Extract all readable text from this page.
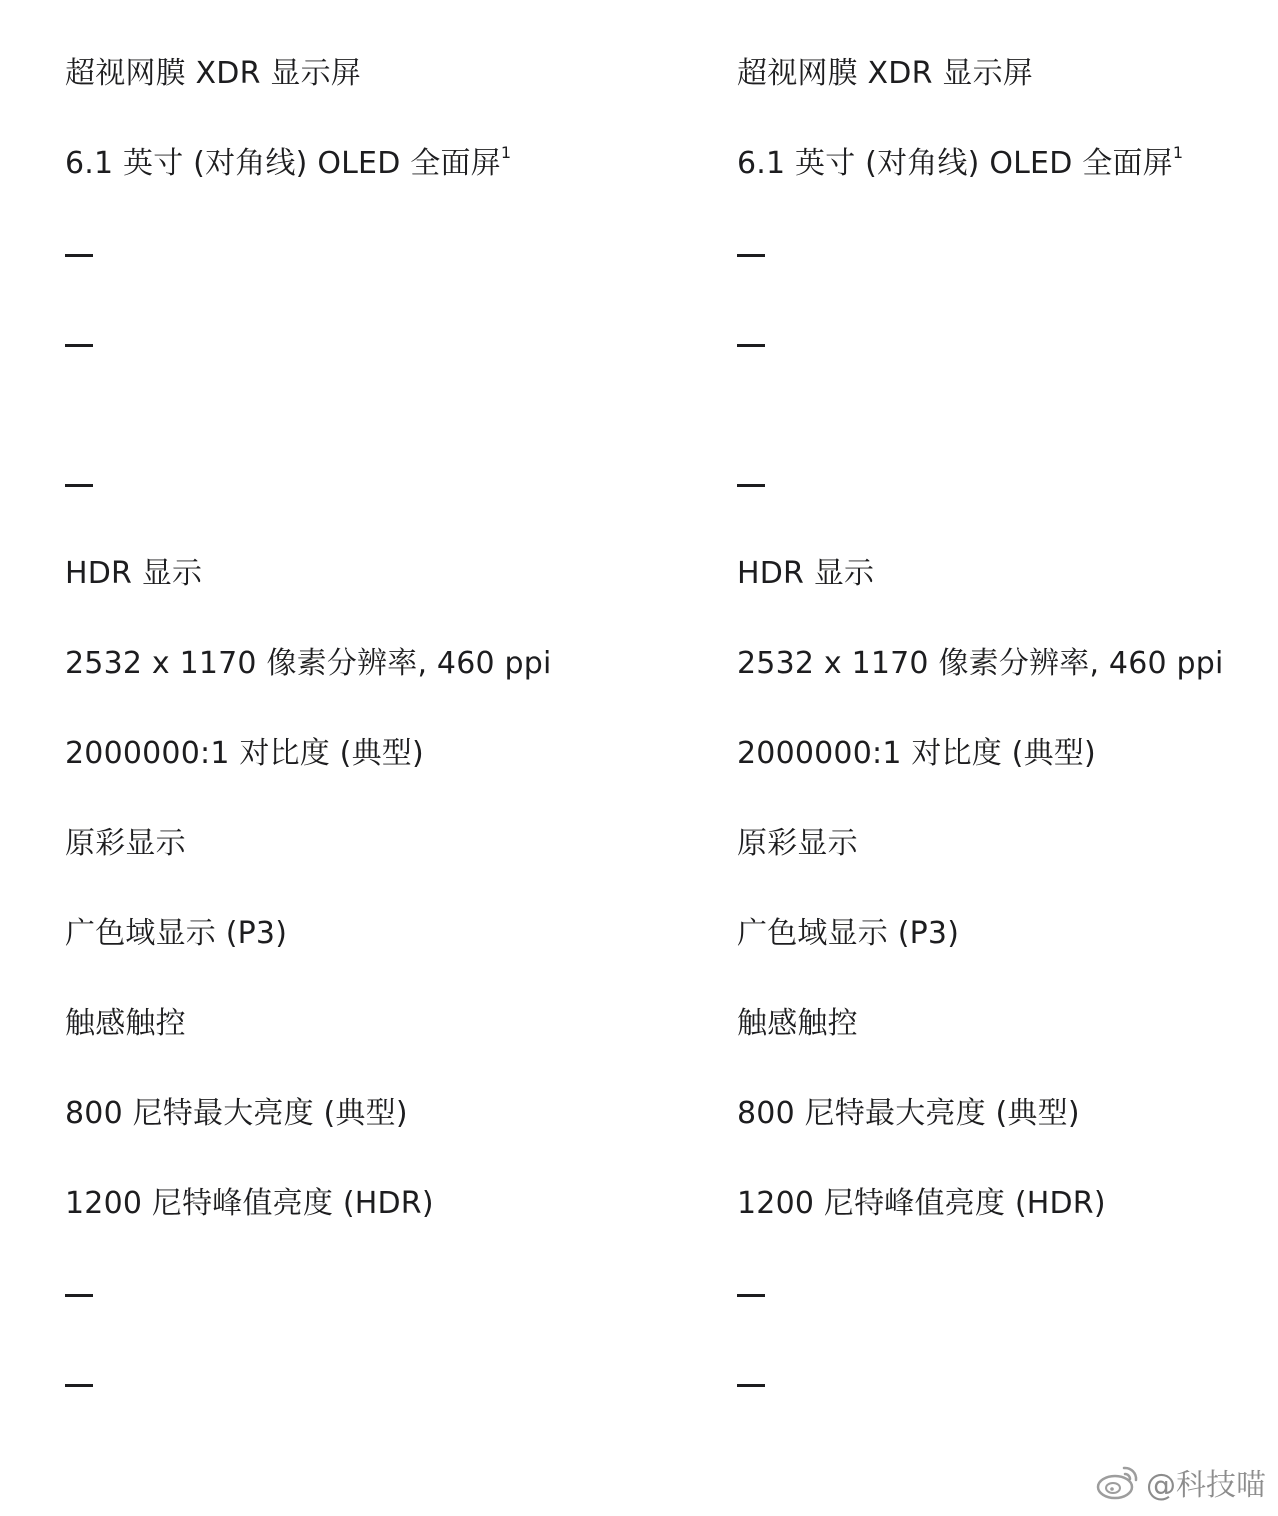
超视网膜 XDR 显示屏
6.1 英寸 (对角线) OLED 全面屏$^1$
HDR 显示
2532 x 1170 像素分辨率, 460 ppi
2000000:1 对比度 (典型)
原彩显示
广色域显示 (P3)
触感触控
800 尼特最大亮度 (典型)
1200 尼特峰值亮度 (HDR)
超视网膜 XDR 显示屏
6.1 英寸 (对角线) OLED 全面屏$^1$
HDR 显示
2532 x 1170 像素分辨率, 460 ppi
2000000:1 对比度 (典型)
原彩显示
广色域显示 (P3)
触感触控
800 尼特最大亮度 (典型)
1200 尼特峰值亮度 (HDR)
@科技喵
